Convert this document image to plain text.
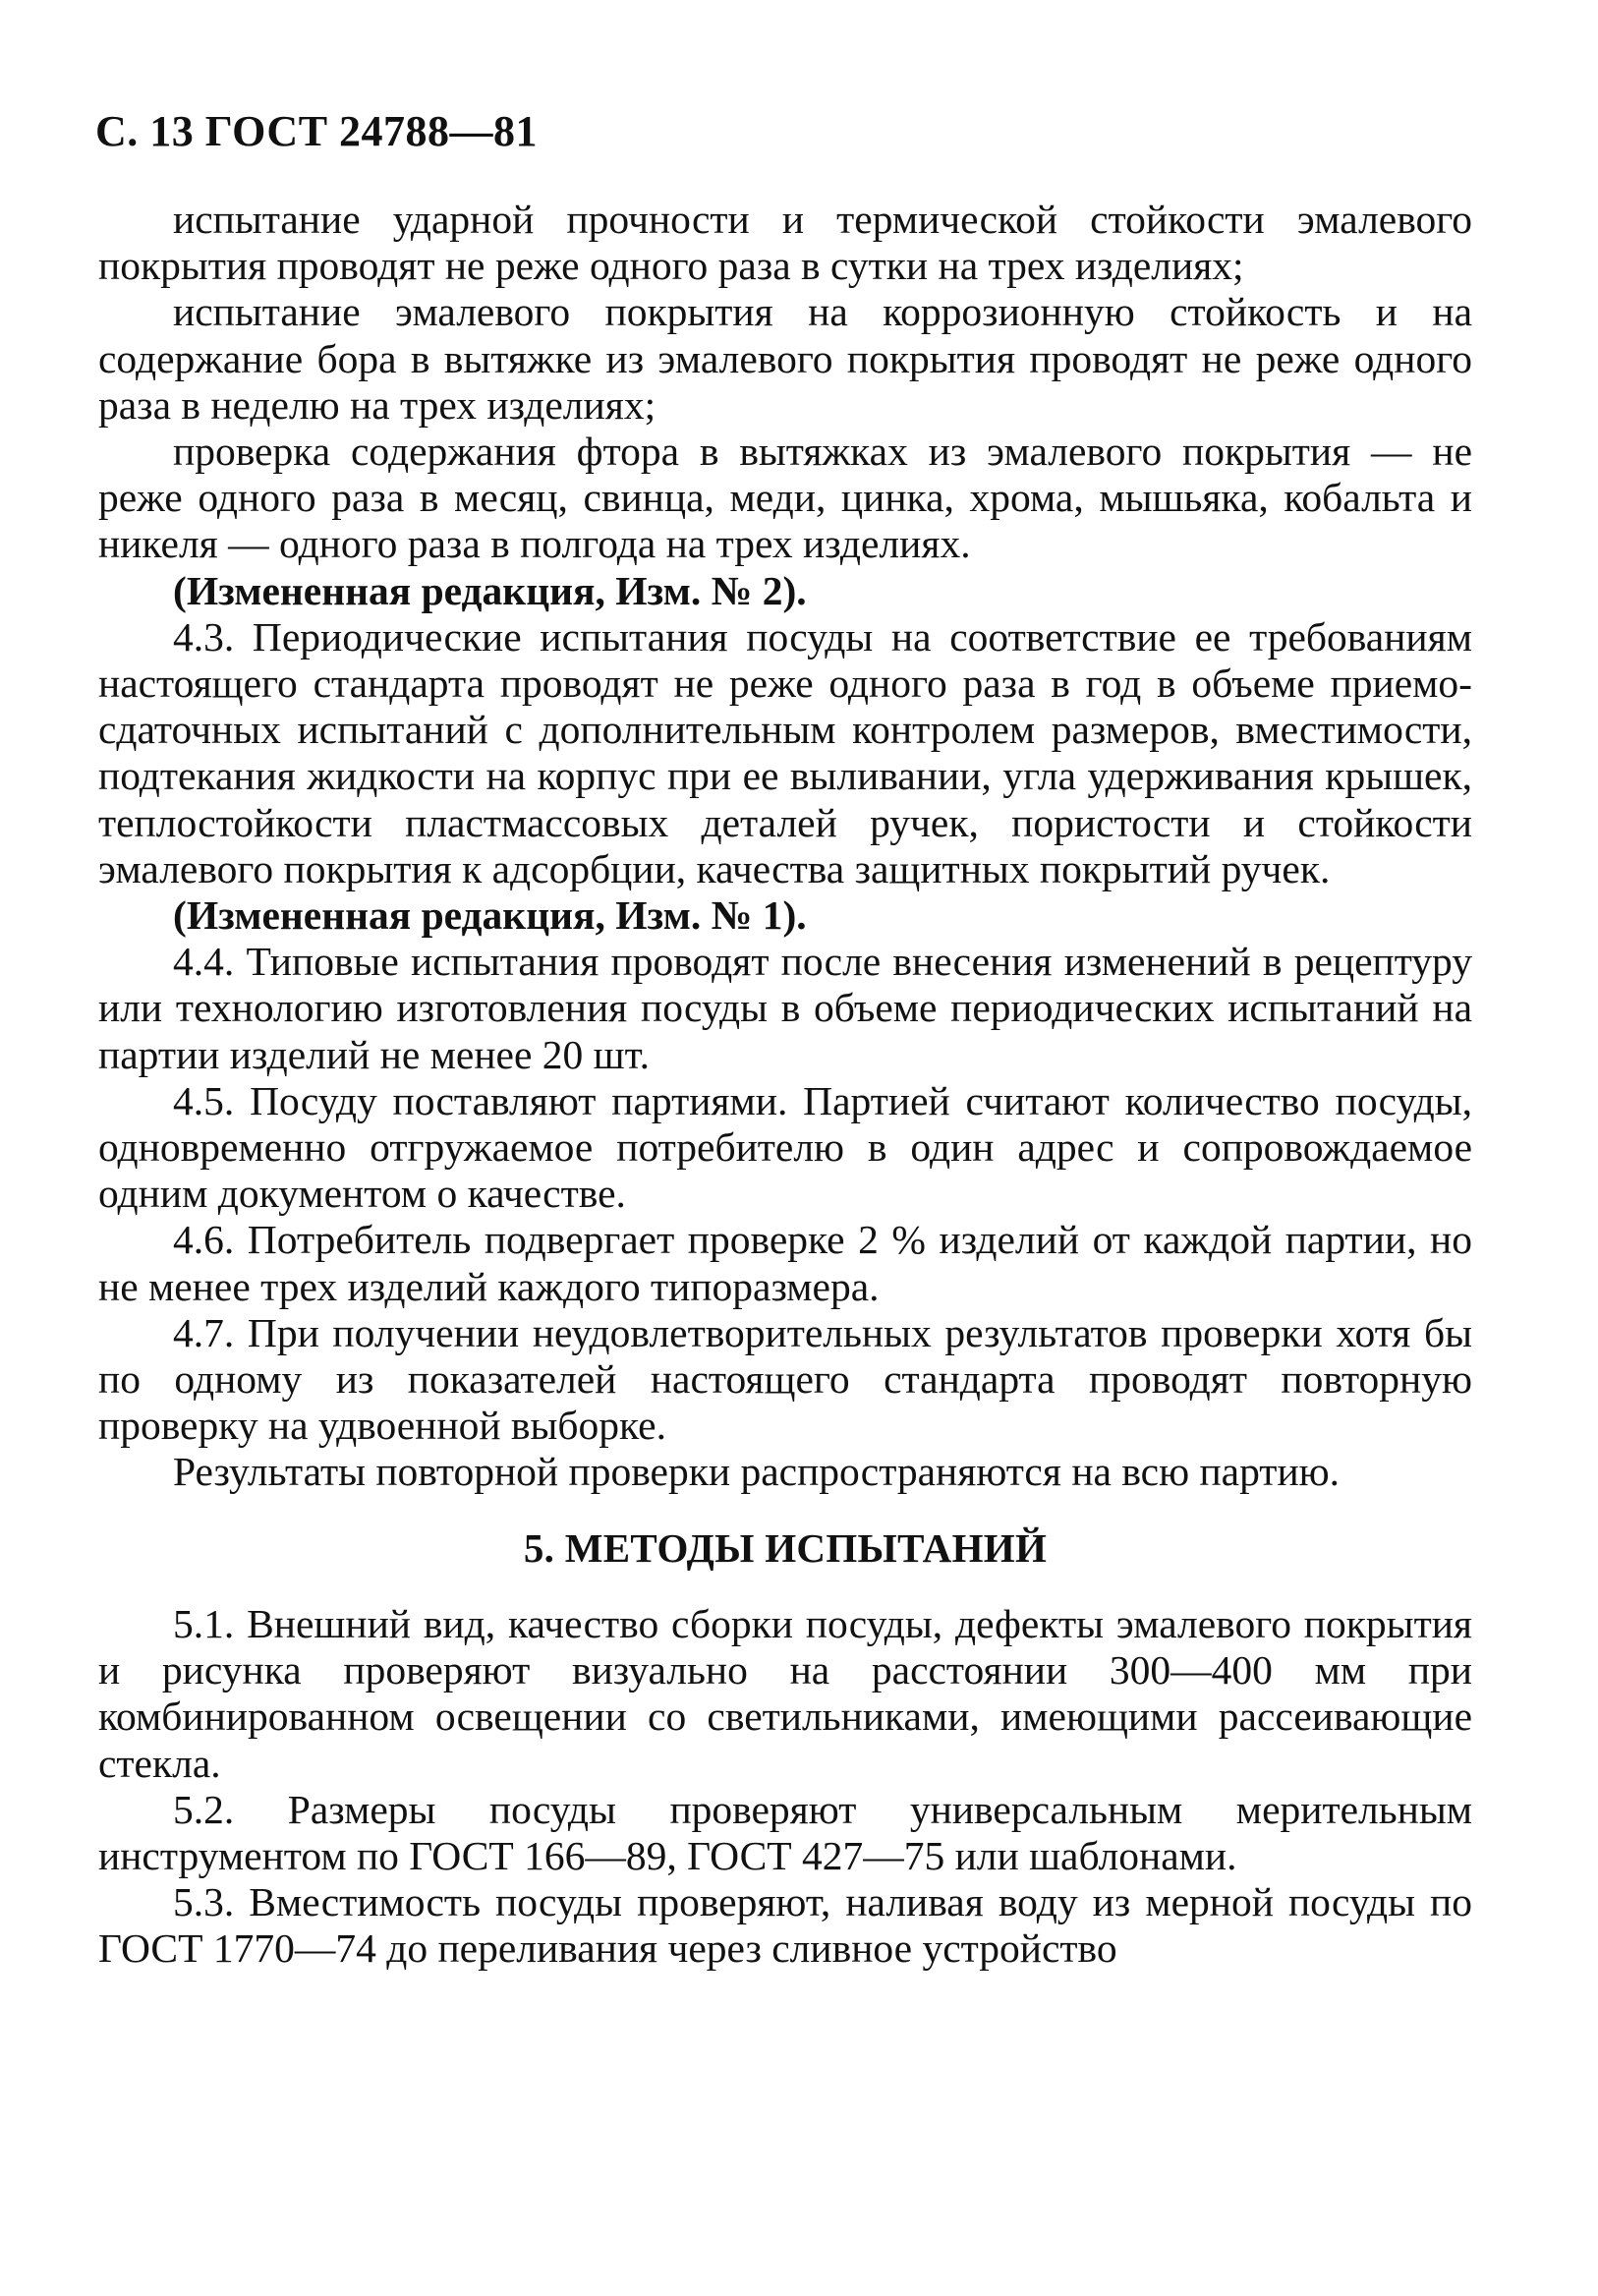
С. 13 ГОСТ 24788—81

испытание ударной прочности и термической стойкости эмалевого покрытия проводят не реже одного раза в сутки на трех изделиях;

испытание эмалевого покрытия на коррозионную стойкость и на содержание бора в вытяжке из эмалевого покрытия проводят не реже одного раза в неделю на трех изделиях;

проверка содержания фтора в вытяжках из эмалевого покрытия — не реже одного раза в месяц, свинца, меди, цинка, хрома, мышьяка, кобальта и никеля — одного раза в полгода на трех изделиях.

(Измененная редакция, Изм. № 2).

4.3. Периодические испытания посуды на соответствие ее требованиям настоящего стандарта проводят не реже одного раза в год в объеме приемо-сдаточных испытаний с дополнительным контролем размеров, вместимости, подтекания жидкости на корпус при ее выливании, угла удерживания крышек, теплостойкости пластмассовых деталей ручек, пористости и стойкости эмалевого покрытия к адсорбции, качества защитных покрытий ручек.

(Измененная редакция, Изм. № 1).

4.4. Типовые испытания проводят после внесения изменений в рецептуру или технологию изготовления посуды в объеме периодических испытаний на партии изделий не менее 20 шт.

4.5. Посуду поставляют партиями. Партией считают количество посуды, одновременно отгружаемое потребителю в один адрес и сопровождаемое одним документом о качестве.

4.6. Потребитель подвергает проверке 2 % изделий от каждой партии, но не менее трех изделий каждого типоразмера.

4.7. При получении неудовлетворительных результатов проверки хотя бы по одному из показателей настоящего стандарта проводят повторную проверку на удвоенной выборке.

Результаты повторной проверки распространяются на всю партию.

5. МЕТОДЫ ИСПЫТАНИЙ

5.1. Внешний вид, качество сборки посуды, дефекты эмалевого покрытия и рисунка проверяют визуально на расстоянии 300—400 мм при комбинированном освещении со светильниками, имеющими рассеивающие стекла.

5.2. Размеры посуды проверяют универсальным мерительным инструментом по ГОСТ 166—89, ГОСТ 427—75 или шаблонами.

5.3. Вместимость посуды проверяют, наливая воду из мерной посуды по ГОСТ 1770—74 до переливания через сливное устройство
